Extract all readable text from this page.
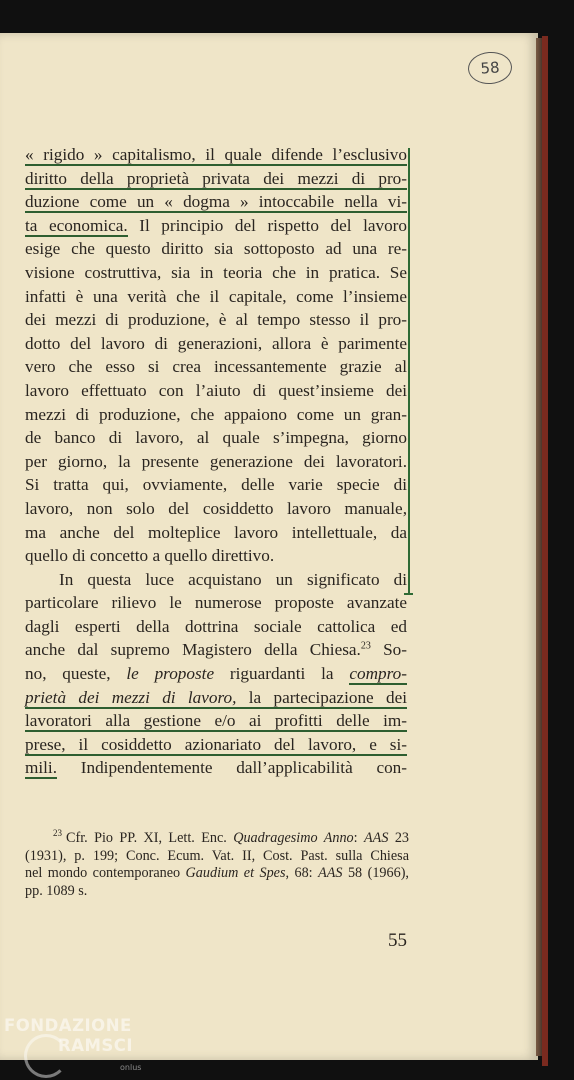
58
« rigido » capitalismo, il quale difende l’esclusivo
diritto della proprietà privata dei mezzi di pro-
duzione come un « dogma » intoccabile nella vi-
ta economica. Il principio del rispetto del lavoro
esige che questo diritto sia sottoposto ad una re-
visione costruttiva, sia in teoria che in pratica. Se
infatti è una verità che il capitale, come l’insieme
dei mezzi di produzione, è al tempo stesso il pro-
dotto del lavoro di generazioni, allora è parimente
vero che esso si crea incessantemente grazie al
lavoro effettuato con l’aiuto di quest’insieme dei
mezzi di produzione, che appaiono come un gran-
de banco di lavoro, al quale s’impegna, giorno
per giorno, la presente generazione dei lavoratori.
Si tratta qui, ovviamente, delle varie specie di
lavoro, non solo del cosiddetto lavoro manuale,
ma anche del molteplice lavoro intellettuale, da
quello di concetto a quello direttivo.
In questa luce acquistano un significato di
particolare rilievo le numerose proposte avanzate
dagli esperti della dottrina sociale cattolica ed
anche dal supremo Magistero della Chiesa.$^{23}$ So-
no, queste, le proposte riguardanti la compro-
prietà dei mezzi di lavoro, la partecipazione dei
lavoratori alla gestione e/o ai profitti delle im-
prese, il cosiddetto azionariato del lavoro, e si-
mili. Indipendentemente dall’applicabilità con-
$^{23}$ Cfr. Pio PP. XI, Lett. Enc. Quadragesimo Anno: AAS 23
(1931), p. 199; Conc. Ecum. Vat. II, Cost. Past. sulla Chiesa
nel mondo contemporaneo Gaudium et Spes, 68: AAS 58 (1966),
pp. 1089 s.
55
FONDAZIONE
RAMSCI
onlus
